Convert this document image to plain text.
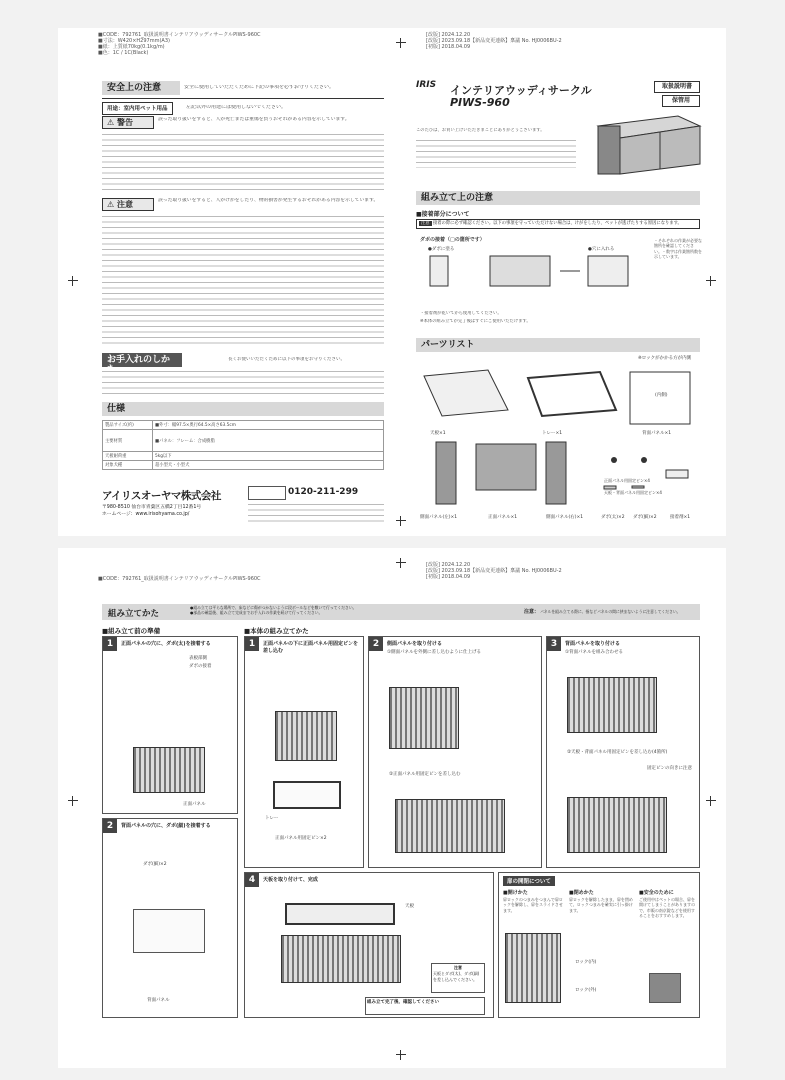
■CODE：792761_取扱説明書インテリアウッディサークルPIWS-960C
■寸法：W420×H297mm(A3)
■紙：上質紙70kg(0.1kg/m)
■色：1C / 1C(Black)
[改版] 2024.12.20
[改版] 2023.09.18【新品変更連絡】稟議 No. HJ0006BU-2
[初版] 2018.04.09
安全上の注意	安全に使用していただくために下記の事項を必ずお守りください。
用途：室内用ペット用品	左記以外の用途には使用しないでください。
⚠ 警告	誤った取り扱いをすると、人が死亡または重傷を負うおそれがある内容を示しています。
⚠ 注意	誤った取り扱いをすると、人がけがをしたり、物的損害が発生するおそれがある内容を示しています。
お手入れのしか	長くお使いいただくために以下の事項をお守りください。
仕様
製品サイズ(約)	■外寸：幅97.5×奥行64.5×高さ63.5cm
主要材質	■パネル：フレーム：合成樹脂
天板耐荷重	5kg以下
対象犬種	超小型犬・小型犬
アイリスオーヤマ株式会社
〒980-8510 仙台市青葉区五橋2丁目12番1号
ホームページ：www.irisohyama.co.jp/
0120-211-299
IRIS	インテリアウッディサークル
PIWS-960
取扱説明書
保管用
このたびは、お買い上げいただきまことにありがとうございます。
組み立て上の注意
■接着部分について
注意 接着の際に必ず確認ください。以下の事項を守っていただけない場合は、けがをしたり、ペットが逃げたりする原因になります。
ダボの接着（□の箇所です）
●ダボに塗る	●穴に入れる
・それぞれの作業が必要な箇所を確認してください。・数字は作業箇所数を示しています。
・接着剤が乾いてから使用してください。
※本体の組み立てが完了後はすぐにご使用いただけます。
パーツリスト
※ロックがかかる方が内側
天板×1	トレー×1	背面パネル×1
側面パネル(左)×1	正面パネル×1	側面パネル(右)×1	ダボ(太)×2 ダボ(細)×2	接着剤×1
正面パネル用固定ピン×4
天板・背面パネル用固定ピン×4
(内側)
■CODE：792761_取扱説明書インテリアウッディサークルPIWS-960C
[改版] 2024.12.20
[改版] 2023.09.18【新品変更連絡】稟議 No. HJ0006BU-2
[初版] 2018.04.09
組み立てかた
●組み立ては平らな場所で、床などに傷がつかないように段ボールなどを敷いて行ってください。
●部品の確認後、組み立て完成までお手入れの作業を続けて行ってください。	注意： パネルを組み立てる際に、指などパネルの間に挟まないように注意してください。
■組み立て前の準備	■本体の組み立てかた
1	正面パネルの穴に、ダボ(太)を接着する
表板部側
ダボの接着
正面パネル
2	背面パネルの穴に、ダボ(細)を接着する
ダボ(細)×2
背面パネル
1	正面パネルの下に正面パネル用固定ピンを差し込む
トレー
正面パネル用固定ピン×2
2	側面パネルを取り付ける
①側面パネルを外側に差し込むように仕上げる
②正面パネル用固定ピンを差し込む
3	背面パネルを取り付ける
①背面パネルを組み合わせる
②天板・背面パネル用固定ピンを差し込む(4箇所)
固定ピンの向きに注意
4	天板を取り付けて、完成
天板
注意
天板とダボ(太)、ダボ(細)を差し込んでください。
組み立て完了後、確認してください
扉の開閉について
■開けかた
扉ロックのつまみをつまんで扉ロックを解除し、扉をスライドさせます。
■閉めかた
扉ロックを解除したまま、扉を閉めて、ロックつまみを確実に引っ掛けます。
■安全のために
ご使用中はペットの場合、扉を開けてしまうことがありますので、市販の南京錠などを使用することをおすすめします。
ロック(内)
ロック(外)
